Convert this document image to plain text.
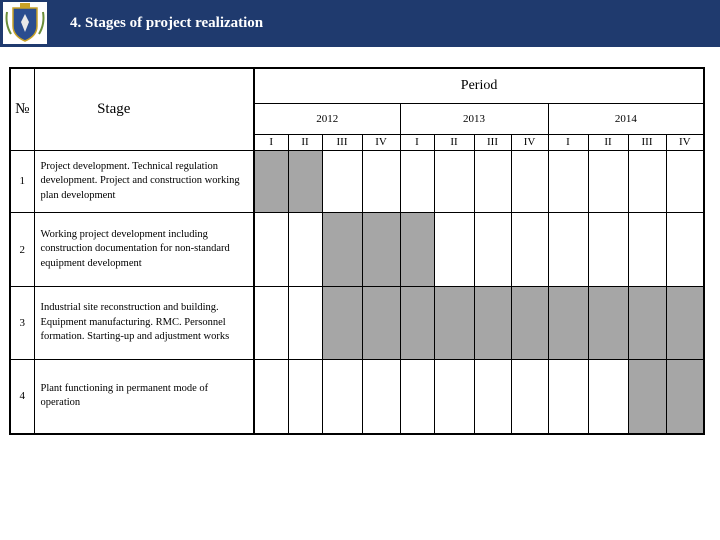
4. Stages of project realization
№	Stage	Period											
		2012				2013				2014			
		I	II	III	IV	I	II	III	IV	I	II	III	IV
1	Project development. Technical regulation development. Project and construction working plan development												
2	Working project development including construction documentation for non-standard equipment development												
3	Industrial site reconstruction and building. Equipment manufacturing. RMC. Personnel formation. Starting-up and adjustment works												
4	Plant functioning in permanent mode of operation												
